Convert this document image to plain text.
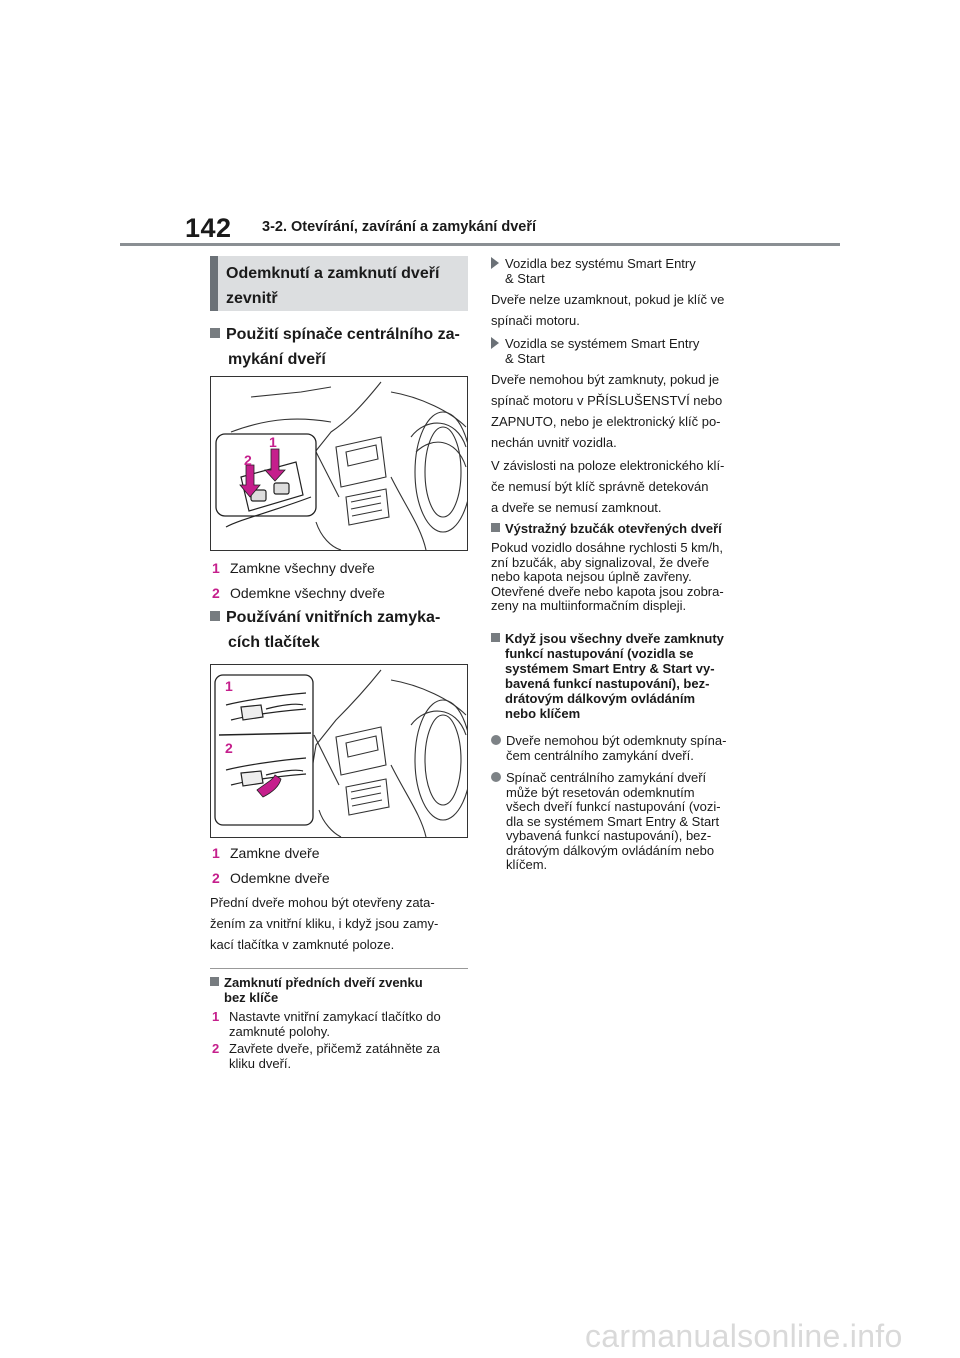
142 3-2. Otevírání, zavírání a zamykání dveří
Odemknutí a zamknutí dveří
zevnitř
Použití spínače centrálního za-
mykání dveří
1
2
1 Zamkne všechny dveře
2 Odemkne všechny dveře
Používání vnitřních zamyka-
cích tlačítek
1
2
1 Zamkne dveře
2 Odemkne dveře
Přední dveře mohou být otevřeny zata-
žením za vnitřní kliku, i když jsou zamy-
kací tlačítka v zamknuté poloze.
Zamknutí předních dveří zvenku
bez klíče
1 Nastavte vnitřní zamykací tlačítko do
zamknuté polohy.
2 Zavřete dveře, přičemž zatáhněte za
kliku dveří.
Vozidla bez systému Smart Entry
& Start
Dveře nelze uzamknout, pokud je klíč ve
spínači motoru.
Vozidla se systémem Smart Entry
& Start
Dveře nemohou být zamknuty, pokud je
spínač motoru v PŘÍSLUŠENSTVÍ nebo
ZAPNUTO, nebo je elektronický klíč po-
nechán uvnitř vozidla.
V závislosti na poloze elektronického klí-
če nemusí být klíč správně detekován
a dveře se nemusí zamknout.
Výstražný bzučák otevřených dveří
Pokud vozidlo dosáhne rychlosti 5 km/h,
zní bzučák, aby signalizoval, že dveře
nebo kapota nejsou úplně zavřeny.
Otevřené dveře nebo kapota jsou zobra-
zeny na multiinformačním displeji.
Když jsou všechny dveře zamknuty
funkcí nastupování (vozidla se
systémem Smart Entry & Start vy-
bavená funkcí nastupování), bez-
drátovým dálkovým ovládáním
nebo klíčem
Dveře nemohou být odemknuty spína-
čem centrálního zamykání dveří.
Spínač centrálního zamykání dveří
může být resetován odemknutím
všech dveří funkcí nastupování (vozi-
dla se systémem Smart Entry & Start
vybavená funkcí nastupování), bez-
drátovým dálkovým ovládáním nebo
klíčem.
carmanualsonline.info
